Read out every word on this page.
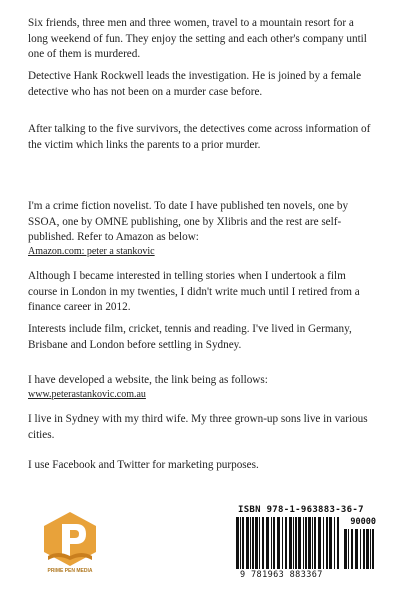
Six friends, three men and three women, travel to a mountain resort for a long weekend of fun. They enjoy the setting and each other's company until one of them is murdered.

Detective Hank Rockwell leads the investigation. He is joined by a female detective who has not been on a murder case before.

After talking to the five survivors, the detectives come across information of the victim which links the parents to a prior murder.

I'm a crime fiction novelist. To date I have published ten novels, one by SSOA, one by OMNE publishing, one by Xlibris and the rest are self-published. Refer to Amazon as below:

Amazon.com: peter a stankovic

Although I became interested in telling stories when I undertook a film course in London in my twenties, I didn't write much until I retired from a finance career in 2012.

Interests include film, cricket, tennis and reading. I've lived in Germany, Brisbane and London before settling in Sydney.

I have developed a website, the link being as follows:

www.peterastankovic.com.au

I live in Sydney with my third wife. My three grown-up sons live in various cities.

I use Facebook and Twitter for marketing purposes.

PRIME PEN MEDIA
ISBN 978-1-963883-36-7
90000
9 781963 883367
